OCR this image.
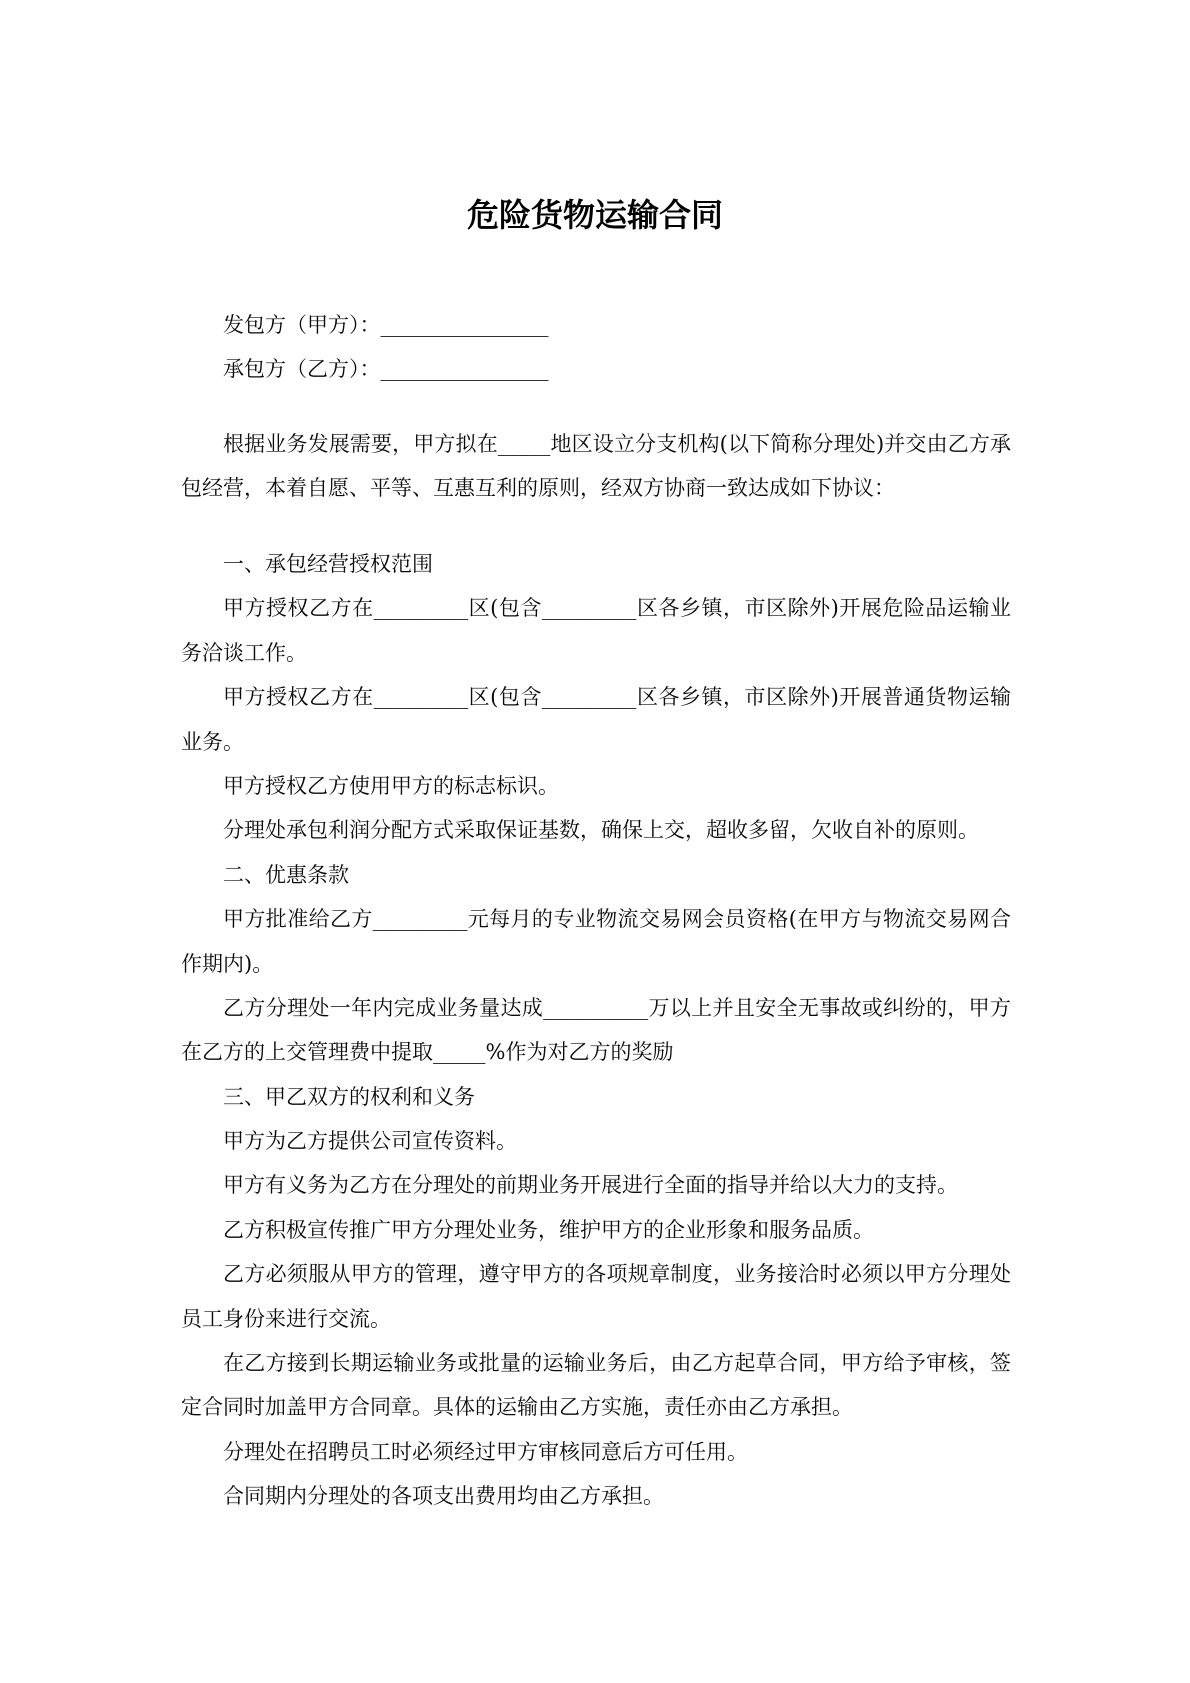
危险货物运输合同
发包方（甲方）：________________
承包方（乙方）：________________
根据业务发展需要，甲方拟在_____地区设立分支机构(以下简称分理处)并交由乙方承
包经营，本着自愿、平等、互惠互利的原则，经双方协商一致达成如下协议：
一、承包经营授权范围
甲方授权乙方在_________区(包含_________区各乡镇，市区除外)开展危险品运输业
务洽谈工作。
甲方授权乙方在_________区(包含_________区各乡镇，市区除外)开展普通货物运输
业务。
甲方授权乙方使用甲方的标志标识。
分理处承包利润分配方式采取保证基数，确保上交，超收多留，欠收自补的原则。
二、优惠条款
甲方批准给乙方_________元每月的专业物流交易网会员资格(在甲方与物流交易网合
作期内)。
乙方分理处一年内完成业务量达成__________万以上并且安全无事故或纠纷的，甲方
在乙方的上交管理费中提取_____%作为对乙方的奖励
三、甲乙双方的权利和义务
甲方为乙方提供公司宣传资料。
甲方有义务为乙方在分理处的前期业务开展进行全面的指导并给以大力的支持。
乙方积极宣传推广甲方分理处业务，维护甲方的企业形象和服务品质。
乙方必须服从甲方的管理，遵守甲方的各项规章制度，业务接洽时必须以甲方分理处
员工身份来进行交流。
在乙方接到长期运输业务或批量的运输业务后，由乙方起草合同，甲方给予审核，签
定合同时加盖甲方合同章。具体的运输由乙方实施，责任亦由乙方承担。
分理处在招聘员工时必须经过甲方审核同意后方可任用。
合同期内分理处的各项支出费用均由乙方承担。
